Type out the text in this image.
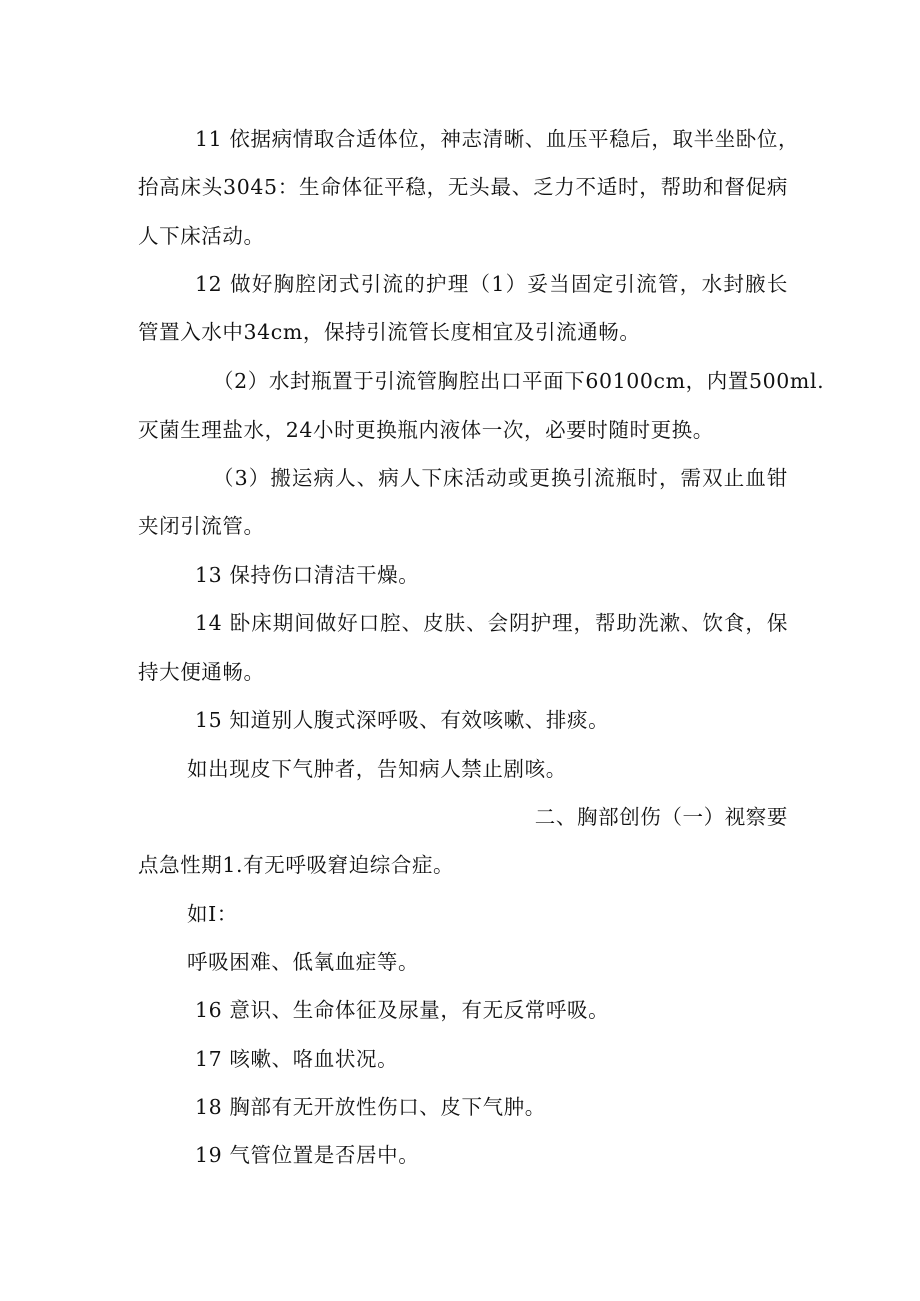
11 依据病情取合适体位，神志清晰、血压平稳后，取半坐卧位，
抬高床头3045：生命体征平稳，无头最、乏力不适时，帮助和督促病
人下床活动。
12 做好胸腔闭式引流的护理（1）妥当固定引流管，水封腋长
管置入水中34cm，保持引流管长度相宜及引流通畅。
（2）水封瓶置于引流管胸腔出口平面下60100cm，内置500ml.
灭菌生理盐水，24小时更换瓶内液体一次，必要时随时更换。
（3）搬运病人、病人下床活动或更换引流瓶时，需双止血钳
夹闭引流管。
13 保持伤口清洁干燥。
14 卧床期间做好口腔、皮肤、会阴护理，帮助洗漱、饮食，保
持大便通畅。
15 知道别人腹式深呼吸、有效咳嗽、排痰。
如出现皮下气肿者，告知病人禁止剧咳。
二、胸部创伤（一）视察要
点急性期1.有无呼吸窘迫综合症。
如I：
呼吸困难、低氧血症等。
16 意识、生命体征及尿量，有无反常呼吸。
17 咳嗽、咯血状况。
18 胸部有无开放性伤口、皮下气肿。
19 气管位置是否居中。
